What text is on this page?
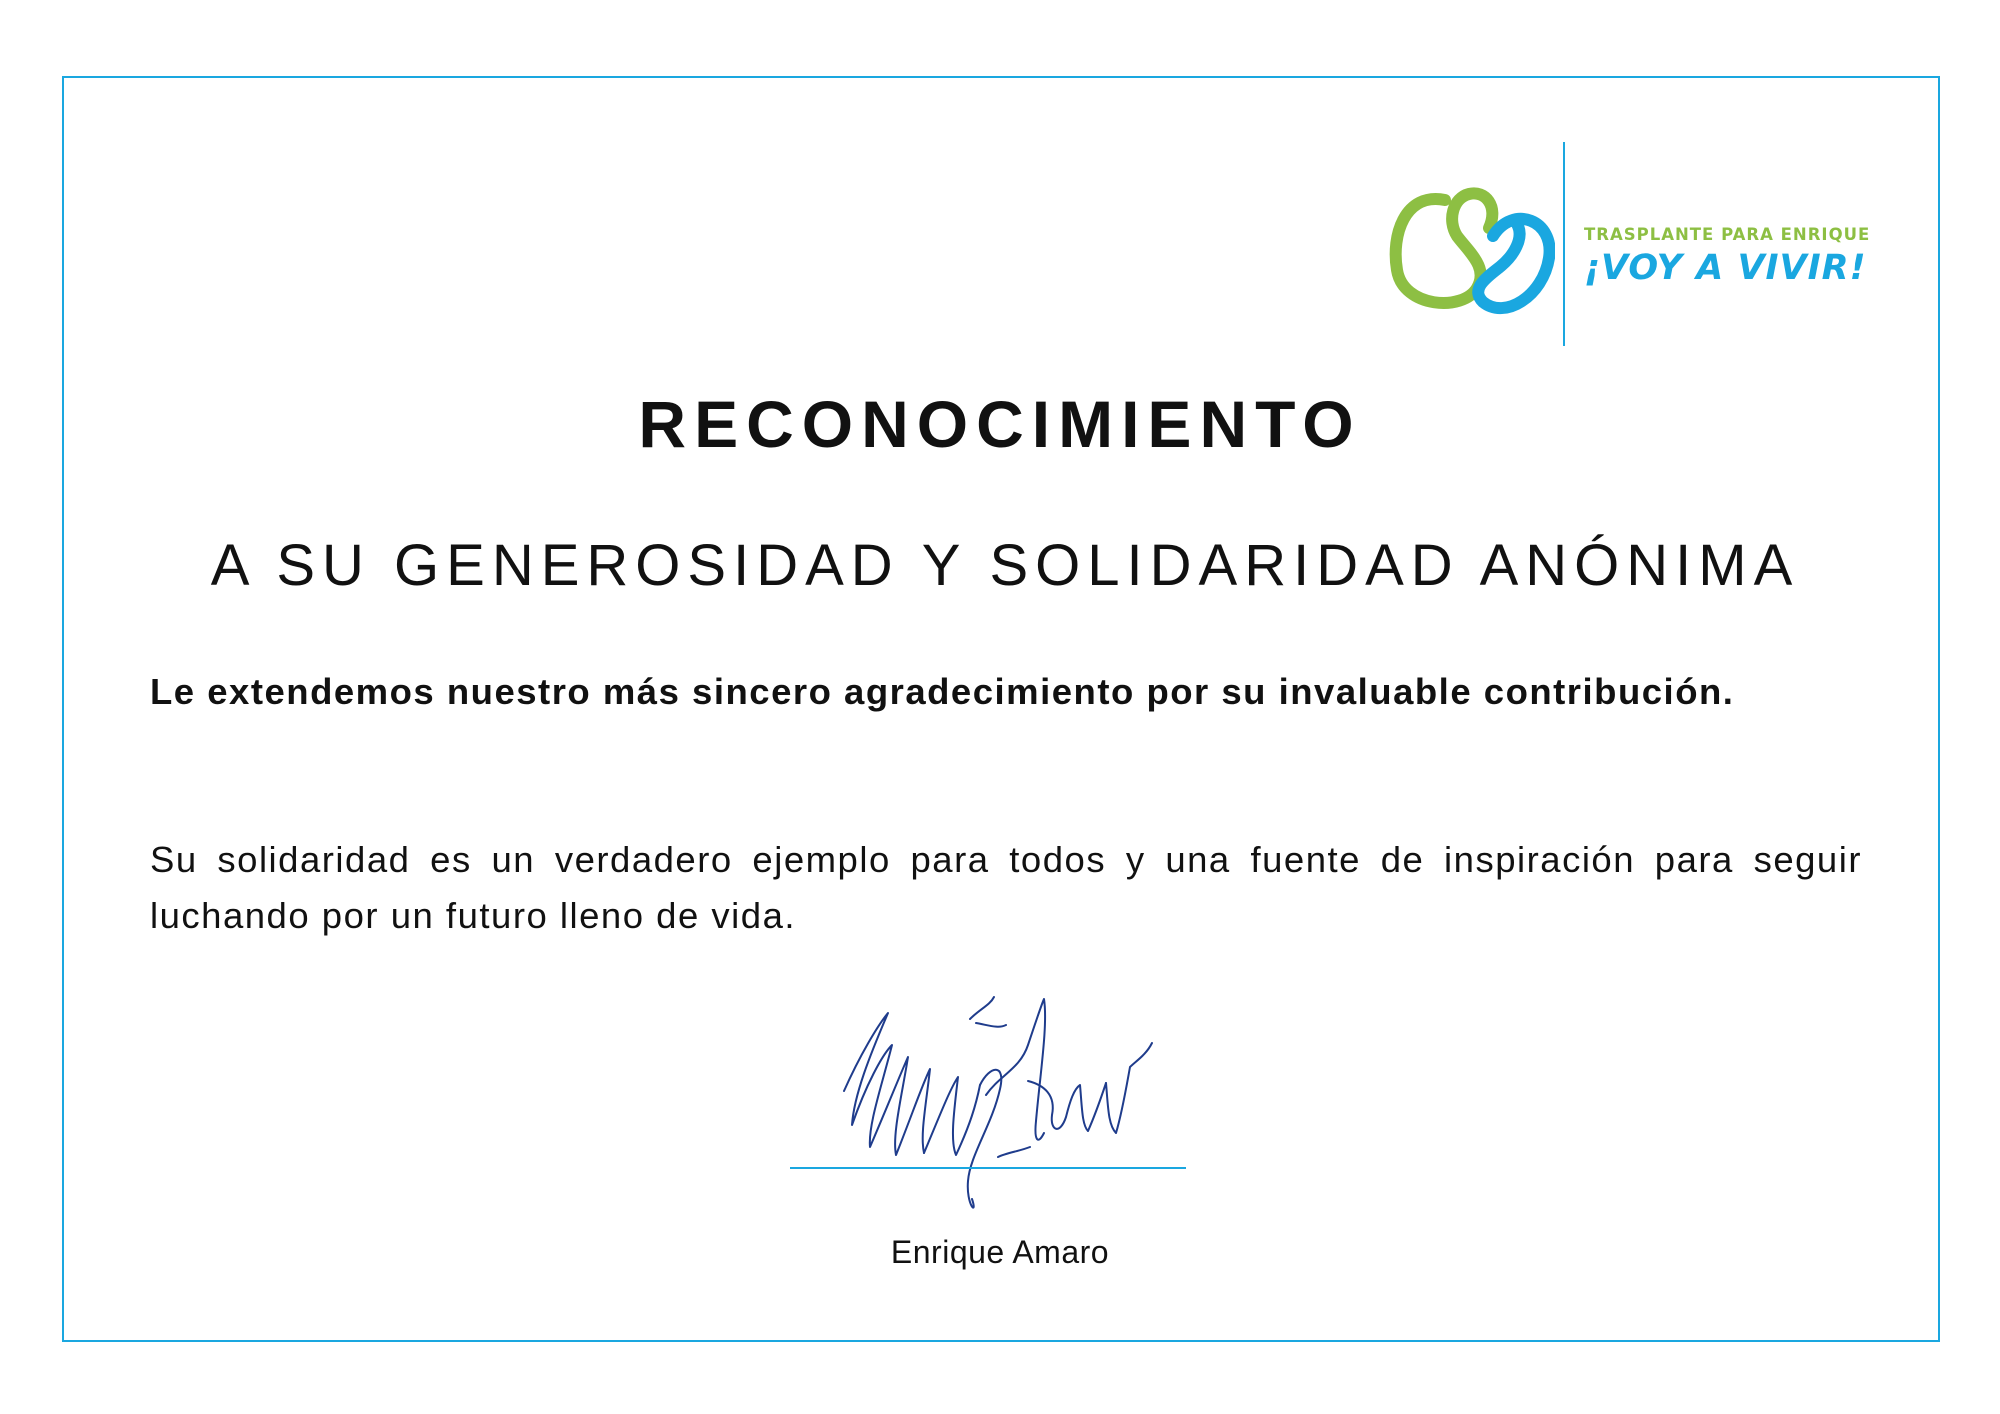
TRASPLANTE PARA ENRIQUE
¡VOY A VIVIR!
RECONOCIMIENTO
A SU GENEROSIDAD Y SOLIDARIDAD ANÓNIMA

Le extendemos nuestro más sincero agradecimiento por su invaluable contribución.

Su solidaridad es un verdadero ejemplo para todos y una fuente de inspiración para seguir luchando por un futuro lleno de vida.

Enrique Amaro
